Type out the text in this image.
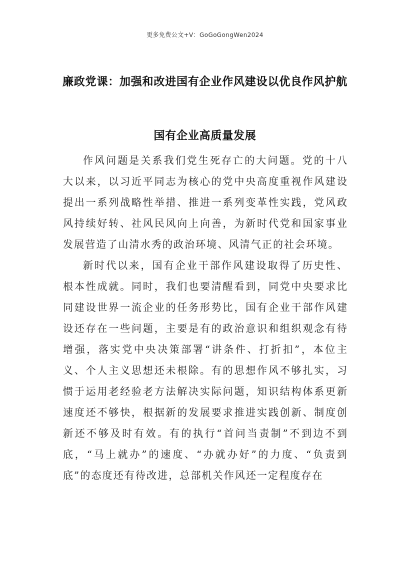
更多免费公文+V：GoGoGongWen2024
廉政党课：加强和改进国有企业作风建设以优良作风护航
国有企业高质量发展

作风问题是关系我们党生死存亡的大问题。党的十八大以来，以习近平同志为核心的党中央高度重视作风建设提出一系列战略性举措、推进一系列变革性实践，党风政风持续好转、社风民风向上向善，为新时代党和国家事业发展营造了山清水秀的政治环境、风清气正的社会环境。

新时代以来，国有企业干部作风建设取得了历史性、根本性成就。同时，我们也要清醒看到，同党中央要求比同建设世界一流企业的任务形势比，国有企业干部作风建设还存在一些问题，主要是有的政治意识和组织观念有待增强，落实党中央决策部署“讲条件、打折扣”，本位主义、个人主义思想还未根除。有的思想作风不够扎实，习惯于运用老经验老方法解决实际问题，知识结构体系更新速度还不够快，根据新的发展要求推进实践创新、制度创新还不够及时有效。有的执行“首问当责制”不到边不到底，“马上就办”的速度、“办就办好”的力度、“负责到底”的态度还有待改进，总部机关作风还一定程度存在
